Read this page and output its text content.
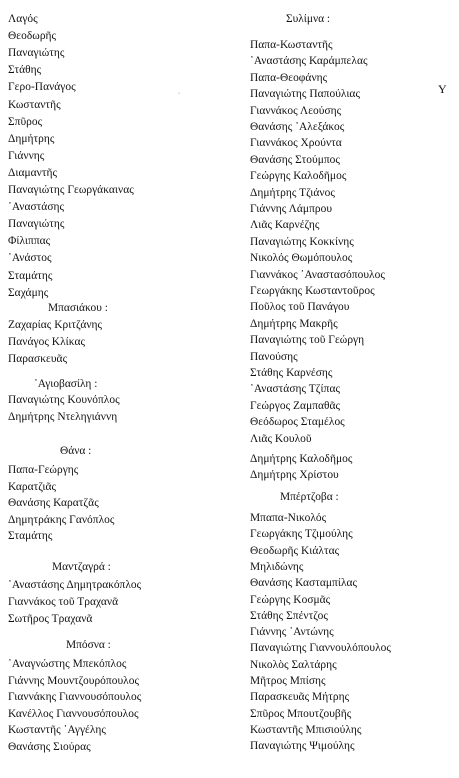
Λαγός
Θεοδωρῆς
Παναγιώτης
Στάθης
Γερο-Πανάγος
Κωσταντῆς
Σπῦρος
Δημήτρης
Γιάννης
Διαμαντῆς
Παναγιώτης Γεωργάκαινας
᾿Αναστάσης
Παναγιώτης
Φίλιππας
᾿Ανάστος
Σταμάτης
Σαχάμης
Μπασιάκου :
Ζαχαρίας Κριτζάνης
Πανάγος Κλίκας
Παρασκευᾶς
᾿Αγιοβασίλη :
Παναγιώτης Κουνόπλος
Δημήτρης Ντεληγιάννη
Θάνα :
Παπα-Γεώργης
Καρατζιᾶς
Θανάσης Καρατζᾶς
Δημητράκης Γανόπλος
Σταμάτης
Μαντζαγρά :
᾿Αναστάσης Δημητρακόπλος
Γιαννάκος τοῦ Τραχανᾶ
Σωτῆρος Τραχανᾶ
Μπόσνα :
᾿Αναγνώστης Μπεκόπλος
Γιάννης Μουντζουρόπουλος
Γιαννάκης Γιαννουσόπουλος
Κανέλλος Γιαννουσόπουλος
Κωσταντῆς ᾿Αγγέλης
Θανάσης Σιούρας
Συλίμνα :
Παπα-Κωσταντῆς
᾿Αναστάσης Καράμπελας
Παπα-Θεοφάνης
Παναγιώτης Παπούλιας
Γιαννάκος Λεούσης
Θανάσης ᾿Αλεξάκος
Γιαννάκος Χρούντα
Θανάσης Στούμπος
Γεώργης Καλοδῆμος
Δημήτρης Τζιάνος
Γιάννης Λάμπρου
Λιᾶς Καρνέζης
Παναγιώτης Κοκκίνης
Νικολός Θωμόπουλος
Γιαννάκος ᾿Αναστασόπουλος
Γεωργάκης Κωσταντοῦρος
Ποῦλος τοῦ Πανάγου
Δημήτρης Μακρῆς
Παναγιώτης τοῦ Γεώργη
Πανούσης
Στάθης Καρνέσης
᾿Αναστάσης Τζίπας
Γεώργος Ζαμπαθᾶς
Θεόδωρος Σταμέλος
Λιᾶς Κουλοῦ
Δημήτρης Καλοδῆμος
Δημήτρης Χρίστου
Μπέρτζοβα :
Μπαπα-Νικολός
Γεωργάκης Τζιμούλης
Θεοδωρῆς Κιάλτας
Μηλιδώνης
Θανάσης Κασταμπίλας
Γεώργης Κοσμᾶς
Στάθης Σπέντζος
Γιάννης ᾿Αντώνης
Παναγιώτης Γιαννουλόπουλος
Νικολὸς Σαλτάρης
Μῆτρος Μπίσης
Παρασκευᾶς Μήτρης
Σπῦρος Μπουτζουβῆς
Κωσταντῆς Μπισιούλης
Παναγιώτης Ψιμούλης
Υ
·
